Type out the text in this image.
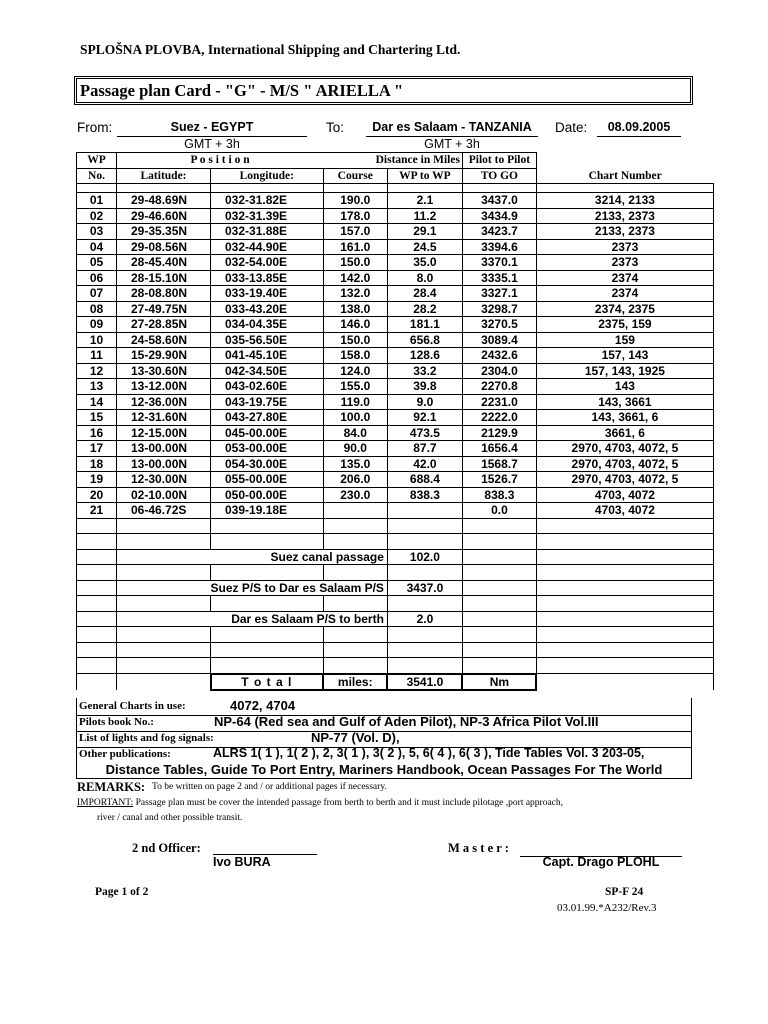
SPLOŠNA PLOVBA, International Shipping and Chartering Ltd.
Passage plan Card - "G" - M/S " ARIELLA "
From:	Suez - EGYPT
GMT + 3h
To:	Dar es Salaam - TANZANIA
GMT + 3h
Date:	08.09.2005
WP	P o s i t i o n		Distance in Miles		Pilot to Pilot	
No.	Latitude:	Longitude:	Course	WP to WP	TO GO	Chart Number

01	29-48.69N	032-31.82E	190.0	2.1	3437.0	3214, 2133
02	29-46.60N	032-31.39E	178.0	11.2	3434.9	2133, 2373
03	29-35.35N	032-31.88E	157.0	29.1	3423.7	2133, 2373
04	29-08.56N	032-44.90E	161.0	24.5	3394.6	2373
05	28-45.40N	032-54.00E	150.0	35.0	3370.1	2373
06	28-15.10N	033-13.85E	142.0	8.0	3335.1	2374
07	28-08.80N	033-19.40E	132.0	28.4	3327.1	2374
08	27-49.75N	033-43.20E	138.0	28.2	3298.7	2374, 2375
09	27-28.85N	034-04.35E	146.0	181.1	3270.5	2375, 159
10	24-58.60N	035-56.50E	150.0	656.8	3089.4	159
11	15-29.90N	041-45.10E	158.0	128.6	2432.6	157, 143
12	13-30.60N	042-34.50E	124.0	33.2	2304.0	157, 143, 1925
13	13-12.00N	043-02.60E	155.0	39.8	2270.8	143
14	12-36.00N	043-19.75E	119.0	9.0	2231.0	143, 3661
15	12-31.60N	043-27.80E	100.0	92.1	2222.0	143, 3661, 6
16	12-15.00N	045-00.00E	84.0	473.5	2129.9	3661, 6
17	13-00.00N	053-00.00E	90.0	87.7	1656.4	2970, 4703, 4072, 5
18	13-00.00N	054-30.00E	135.0	42.0	1568.7	2970, 4703, 4072, 5
19	12-30.00N	055-00.00E	206.0	688.4	1526.7	2970, 4703, 4072, 5
20	02-10.00N	050-00.00E	230.0	838.3	838.3	4703, 4072
21	06-46.72S	039-19.18E			0.0	4703, 4072

		Suez canal passage		102.0		

		Suez P/S to Dar es Salaam P/S		3437.0		

		Dar es Salaam P/S to berth		2.0		

		T o t a l	miles:	3541.0	Nm	
General Charts in use:	4072, 4704
Pilots book No.:	NP-64 (Red sea and Gulf of Aden Pilot), NP-3 Africa Pilot Vol.III
List of lights and fog signals:	NP-77 (Vol. D),
Other publications:	ALRS 1( 1 ), 1( 2 ), 2, 3( 1 ), 3( 2 ), 5, 6( 4 ), 6( 3 ), Tide Tables Vol. 3 203-05,
Distance Tables, Guide To Port Entry, Mariners Handbook, Ocean Passages For The World
REMARKS: To be written on page 2 and / or additional pages if necessary.
IMPORTANT: Passage plan must be cover the intended passage from berth to berth and it must include pilotage ,port approach,
river / canal and other possible transit.
2 nd Officer:
Ivo BURA
M a s t e r :
Capt. Drago PLOHL
Page 1 of 2	SP-F 24
03.01.99.*A232/Rev.3
